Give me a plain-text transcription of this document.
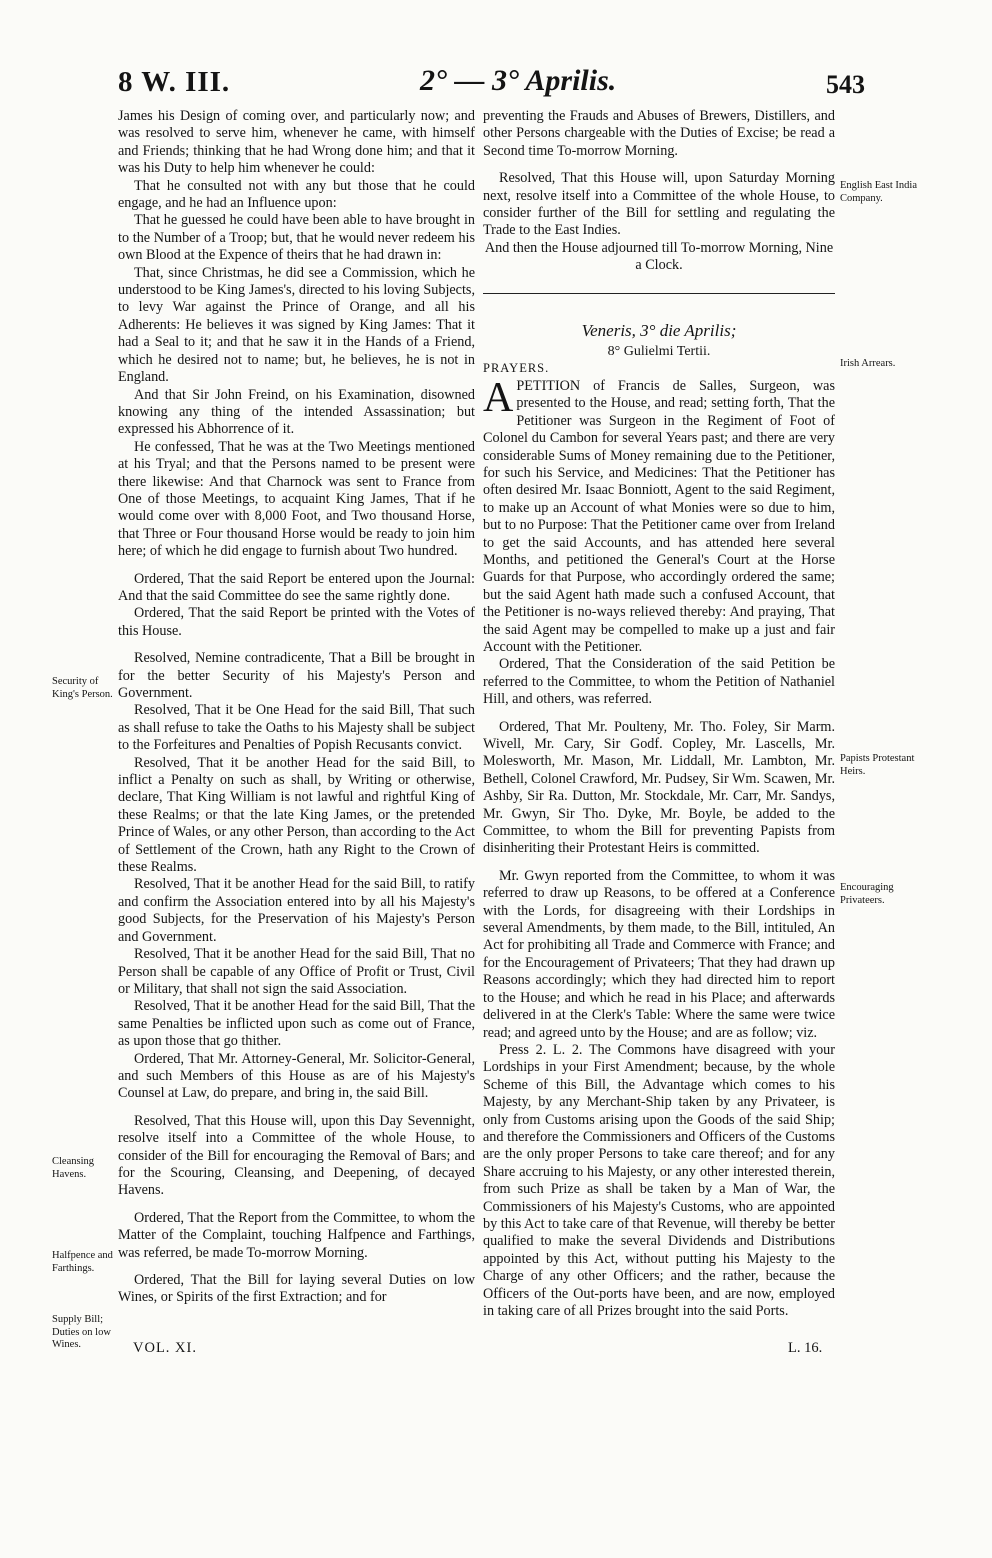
8 W. III.	2° — 3° Aprilis.	543
Security of King's Person.
Cleansing Havens.
Halfpence and Farthings.
Supply Bill; Duties on low Wines.
English East India Company.
Irish Arrears.
Papists Protestant Heirs.
Encouraging Privateers.

James his Design of coming over, and particularly now; and was resolved to serve him, whenever he came, with himself and Friends; thinking that he had Wrong done him; and that it was his Duty to help him whenever he could:

That he consulted not with any but those that he could engage, and he had an Influence upon:

That he guessed he could have been able to have brought in to the Number of a Troop; but, that he would never redeem his own Blood at the Expence of theirs that he had drawn in:

That, since Christmas, he did see a Commission, which he understood to be King James's, directed to his loving Subjects, to levy War against the Prince of Orange, and all his Adherents: He believes it was signed by King James: That it had a Seal to it; and that he saw it in the Hands of a Friend, which he desired not to name; but, he believes, he is not in England.

And that Sir John Freind, on his Examination, disowned knowing any thing of the intended Assassination; but expressed his Abhorrence of it.

He confessed, That he was at the Two Meetings mentioned at his Tryal; and that the Persons named to be present were there likewise: And that Charnock was sent to France from One of those Meetings, to acquaint King James, That if he would come over with 8,000 Foot, and Two thousand Horse, that Three or Four thousand Horse would be ready to join him here; of which he did engage to furnish about Two hundred.

Ordered, That the said Report be entered upon the Journal: And that the said Committee do see the same rightly done.

Ordered, That the said Report be printed with the Votes of this House.

Resolved, Nemine contradicente, That a Bill be brought in for the better Security of his Majesty's Person and Government.

Resolved, That it be One Head for the said Bill, That such as shall refuse to take the Oaths to his Majesty shall be subject to the Forfeitures and Penalties of Popish Recusants convict.

Resolved, That it be another Head for the said Bill, to inflict a Penalty on such as shall, by Writing or otherwise, declare, That King William is not lawful and rightful King of these Realms; or that the late King James, or the pretended Prince of Wales, or any other Person, than according to the Act of Settlement of the Crown, hath any Right to the Crown of these Realms.

Resolved, That it be another Head for the said Bill, to ratify and confirm the Association entered into by all his Majesty's good Subjects, for the Preservation of his Majesty's Person and Government.

Resolved, That it be another Head for the said Bill, That no Person shall be capable of any Office of Profit or Trust, Civil or Military, that shall not sign the said Association.

Resolved, That it be another Head for the said Bill, That the same Penalties be inflicted upon such as come out of France, as upon those that go thither.

Ordered, That Mr. Attorney-General, Mr. Solicitor-General, and such Members of this House as are of his Majesty's Counsel at Law, do prepare, and bring in, the said Bill.

Resolved, That this House will, upon this Day Sevennight, resolve itself into a Committee of the whole House, to consider of the Bill for encouraging the Removal of Bars; and for the Scouring, Cleansing, and Deepening, of decayed Havens.

Ordered, That the Report from the Committee, to whom the Matter of the Complaint, touching Halfpence and Farthings, was referred, be made To-morrow Morning.

Ordered, That the Bill for laying several Duties on low Wines, or Spirits of the first Extraction; and for

preventing the Frauds and Abuses of Brewers, Distillers, and other Persons chargeable with the Duties of Excise; be read a Second time To-morrow Morning.

Resolved, That this House will, upon Saturday Morning next, resolve itself into a Committee of the whole House, to consider further of the Bill for settling and regulating the Trade to the East Indies.

And then the House adjourned till To-morrow Morning, Nine a Clock.

Veneris, 3° die Aprilis;
8° Gulielmi Tertii.

PRAYERS.

A PETITION of Francis de Salles, Surgeon, was presented to the House, and read; setting forth, That the Petitioner was Surgeon in the Regiment of Foot of Colonel du Cambon for several Years past; and there are very considerable Sums of Money remaining due to the Petitioner, for such his Service, and Medicines: That the Petitioner has often desired Mr. Isaac Bonniott, Agent to the said Regiment, to make up an Account of what Monies were so due to him, but to no Purpose: That the Petitioner came over from Ireland to get the said Accounts, and has attended here several Months, and petitioned the General's Court at the Horse Guards for that Purpose, who accordingly ordered the same; but the said Agent hath made such a confused Account, that the Petitioner is no-ways relieved thereby: And praying, That the said Agent may be compelled to make up a just and fair Account with the Petitioner.

Ordered, That the Consideration of the said Petition be referred to the Committee, to whom the Petition of Nathaniel Hill, and others, was referred.

Ordered, That Mr. Poulteny, Mr. Tho. Foley, Sir Marm. Wivell, Mr. Cary, Sir Godf. Copley, Mr. Lascells, Mr. Molesworth, Mr. Mason, Mr. Liddall, Mr. Lambton, Mr. Bethell, Colonel Crawford, Mr. Pudsey, Sir Wm. Scawen, Mr. Ashby, Sir Ra. Dutton, Mr. Stockdale, Mr. Carr, Mr. Sandys, Mr. Gwyn, Sir Tho. Dyke, Mr. Boyle, be added to the Committee, to whom the Bill for preventing Papists from disinheriting their Protestant Heirs is committed.

Mr. Gwyn reported from the Committee, to whom it was referred to draw up Reasons, to be offered at a Conference with the Lords, for disagreeing with their Lordships in several Amendments, by them made, to the Bill, intituled, An Act for prohibiting all Trade and Commerce with France; and for the Encouragement of Privateers; That they had drawn up Reasons accordingly; which they had directed him to report to the House; and which he read in his Place; and afterwards delivered in at the Clerk's Table: Where the same were twice read; and agreed unto by the House; and are as follow; viz.

Press 2. L. 2. The Commons have disagreed with your Lordships in your First Amendment; because, by the whole Scheme of this Bill, the Advantage which comes to his Majesty, by any Merchant-Ship taken by any Privateer, is only from Customs arising upon the Goods of the said Ship; and therefore the Commissioners and Officers of the Customs are the only proper Persons to take care thereof; and for any Share accruing to his Majesty, or any other interested therein, from such Prize as shall be taken by a Man of War, the Commissioners of his Majesty's Customs, who are appointed by this Act to take care of that Revenue, will thereby be better qualified to make the several Dividends and Distributions appointed by this Act, without putting his Majesty to the Charge of any other Officers; and the rather, because the Officers of the Out-ports have been, and are now, employed in taking care of all Prizes brought into the said Ports.

VOL. XI.	L. 16.
